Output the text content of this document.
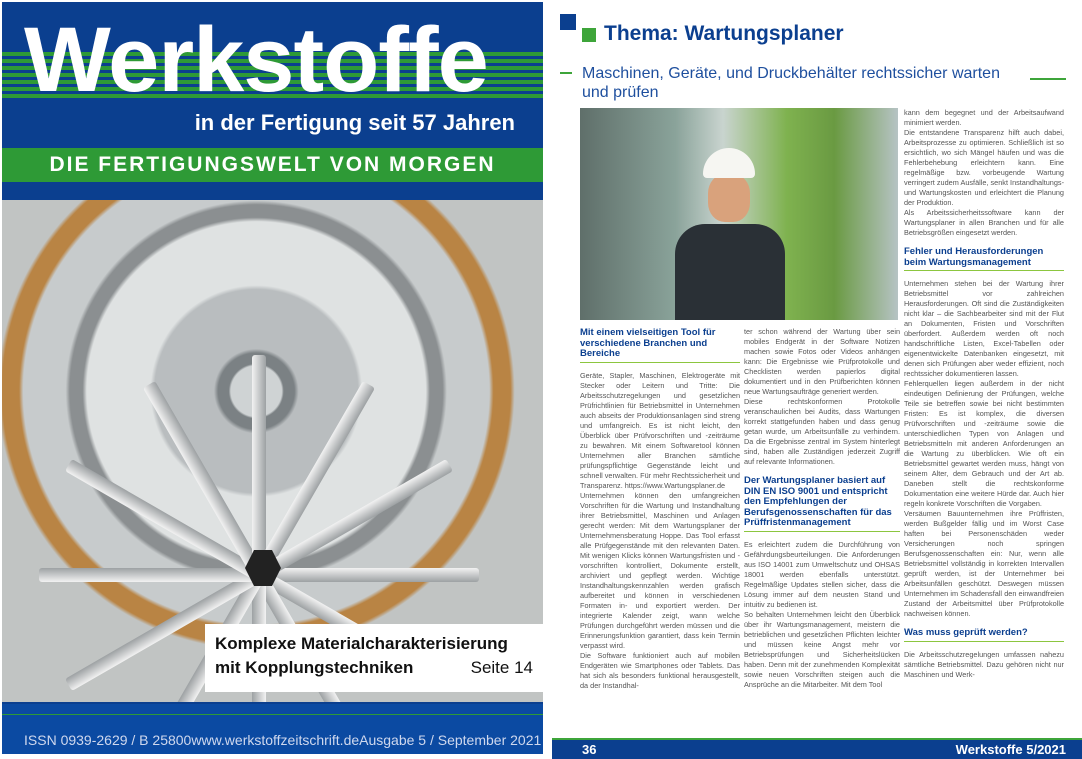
Werkstoffe
in der Fertigung seit 57 Jahren
DIE FERTIGUNGSWELT VON MORGEN
Komplexe Materialcharakterisierung
mit Kopplungstechniken	Seite 14
ISSN 0939-2629 / B 25800 www.werkstoffzeitschrift.de Ausgabe 5 / September 2021
Thema: Wartungsplaner
Maschinen, Geräte, und Druckbehälter rechtssicher warten und prüfen
Mit einem vielseitigen Tool für verschiedene Branchen und Bereiche

Geräte, Stapler, Maschinen, Elektrogeräte mit Stecker oder Leitern und Tritte: Die Arbeitsschutzregelungen und gesetzlichen Prüfrichtlinien für Betriebsmittel in Unternehmen auch abseits der Produktionsanlagen sind streng und umfangreich. Es ist nicht leicht, den Überblick über Prüfvorschriften und -zeiträume zu bewahren. Mit einem Softwaretool können Unternehmen aller Branchen sämtliche prüfungspflichtige Gegenstände leicht und schnell verwalten. Für mehr Rechtssicherheit und Transparenz. https://www.Wartungsplaner.de

Unternehmen können den umfangreichen Vorschriften für die Wartung und Instandhaltung ihrer Betriebsmittel, Maschinen und Anlagen gerecht werden: Mit dem Wartungsplaner der Unternehmensberatung Hoppe. Das Tool erfasst alle Prüfgegenstände mit den relevanten Daten. Mit wenigen Klicks können Wartungsfristen und -vorschriften kontrolliert, Dokumente erstellt, archiviert und gepflegt werden. Wichtige Instandhaltungskennzahlen werden grafisch aufbereitet und können in verschiedenen Formaten in- und exportiert werden. Der integrierte Kalender zeigt, wann welche Prüfungen durchgeführt werden müssen und die Erinnerungsfunktion garantiert, dass kein Termin verpasst wird.

Die Software funktioniert auch auf mobilen Endgeräten wie Smartphones oder Tablets. Das hat sich als besonders funktional herausgestellt, da der Instandhal-

ter schon während der Wartung über sein mobiles Endgerät in der Software Notizen machen sowie Fotos oder Videos anhängen kann: Die Ergebnisse wie Prüfprotokolle und Checklisten werden papierlos digital dokumentiert und in den Prüfberichten können neue Wartungsaufträge generiert werden.

Diese rechtskonformen Protokolle veranschaulichen bei Audits, dass Wartungen korrekt stattgefunden haben und dass genug getan wurde, um Arbeitsunfälle zu verhindern. Da die Ergebnisse zentral im System hinterlegt sind, haben alle Zuständigen jederzeit Zugriff auf relevante Informationen.

Der Wartungsplaner basiert auf DIN EN ISO 9001 und entspricht den Empfehlungen der Berufsgenossenschaften für das Prüffristenmanagement

Es erleichtert zudem die Durchführung von Gefährdungsbeurteilungen. Die Anforderungen aus ISO 14001 zum Umweltschutz und OHSAS 18001 werden ebenfalls unterstützt. Regelmäßige Updates stellen sicher, dass die Lösung immer auf dem neusten Stand und intuitiv zu bedienen ist.

So behalten Unternehmen leicht den Überblick über ihr Wartungsmanagement, meistern die betrieblichen und gesetzlichen Pflichten leichter und müssen keine Angst mehr vor Betriebsprüfungen und Sicherheitslücken haben. Denn mit der zunehmenden Komplexität sowie neuen Vorschriften steigen auch die Ansprüche an die Mitarbeiter. Mit dem Tool

kann dem begegnet und der Arbeitsaufwand minimiert werden.

Die entstandene Transparenz hilft auch dabei, Arbeitsprozesse zu optimieren. Schließlich ist so ersichtlich, wo sich Mängel häufen und was die Fehlerbehebung erleichtern kann. Eine regelmäßige bzw. vorbeugende Wartung verringert zudem Ausfälle, senkt Instandhaltungs- und Wartungskosten und erleichtert die Planung der Produktion.

Als Arbeitssicherheitssoftware kann der Wartungsplaner in allen Branchen und für alle Betriebsgrößen eingesetzt werden.

Fehler und Herausforderungen beim Wartungsmanagement

Unternehmen stehen bei der Wartung ihrer Betriebsmittel vor zahlreichen Herausforderungen. Oft sind die Zuständigkeiten nicht klar – die Sachbearbeiter sind mit der Flut an Dokumenten, Fristen und Vorschriften überfordert. Außerdem werden oft noch handschriftliche Listen, Excel-Tabellen oder eigenentwickelte Datenbanken eingesetzt, mit denen sich Prüfungen aber weder effizient, noch rechtssicher dokumentieren lassen.

Fehlerquellen liegen außerdem in der nicht eindeutigen Definierung der Prüfungen, welche Teile sie betreffen sowie bei nicht bestimmten Fristen: Es ist komplex, die diversen Prüfvorschriften und -zeiträume sowie die unterschiedlichen Typen von Anlagen und Betriebsmitteln mit anderen Anforderungen an die Wartung zu überblicken. Wie oft ein Betriebsmittel gewartet werden muss, hängt von seinem Alter, dem Gebrauch und der Art ab. Daneben stellt die rechtskonforme Dokumentation eine weitere Hürde dar. Auch hier regeln konkrete Vorschriften die Vorgaben.

Versäumen Bauunternehmen ihre Prüffristen, werden Bußgelder fällig und im Worst Case haften bei Personenschäden weder Versicherungen noch springen Berufsgenossenschaften ein: Nur, wenn alle Betriebsmittel vollständig in korrekten Intervallen geprüft werden, ist der Unternehmer bei Arbeitsunfällen geschützt. Deswegen müssen Unternehmen im Schadensfall den einwandfreien Zustand der Arbeitsmittel über Prüfprotokolle nachweisen können.

Was muss geprüft werden?

Die Arbeitsschutzregelungen umfassen nahezu sämtliche Betriebsmittel. Dazu gehören nicht nur Maschinen und Werk-

36	Werkstoffe 5/2021
